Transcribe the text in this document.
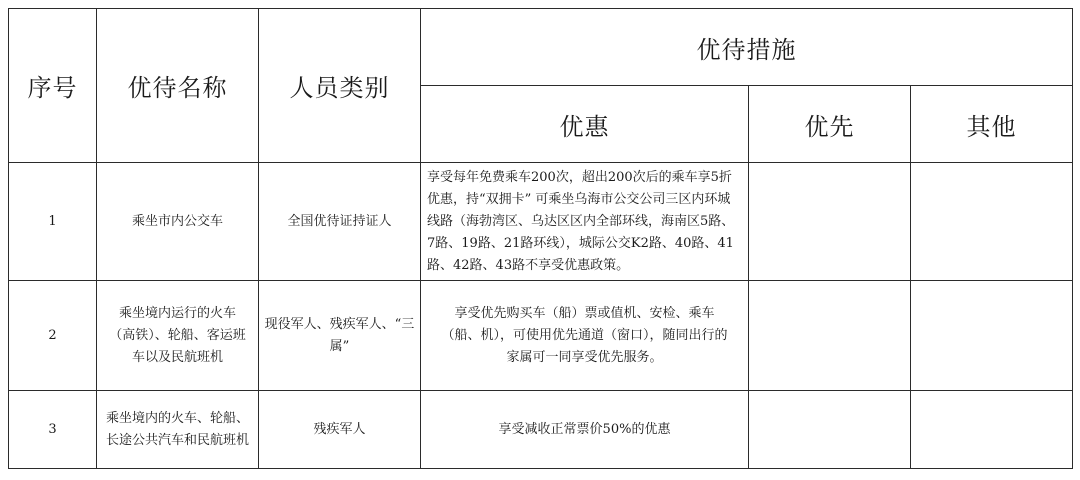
序号	优待名称	人员类别	优待措施		
			优惠	优先	其他

1	乘坐市内公交车	全国优待证持证人	享受每年免费乘车200次，超出200次后的乘车享5折优惠，持“双拥卡” 可乘坐乌海市公交公司三区内环城线路（海勃湾区、乌达区区内全部环线，海南区5路、7路、19路、21路环线），城际公交K2路、40路、41路、42路、43路不享受优惠政策。		

2	乘坐境内运行的火车（高铁）、轮船、客运班车以及民航班机	现役军人、残疾军人、“三属”	享受优先购买车（船）票或值机、安检、乘车（船、机），可使用优先通道（窗口），随同出行的家属可一同享受优先服务。		

3	乘坐境内的火车、轮船、长途公共汽车和民航班机	残疾军人	享受减收正常票价50%的优惠		
